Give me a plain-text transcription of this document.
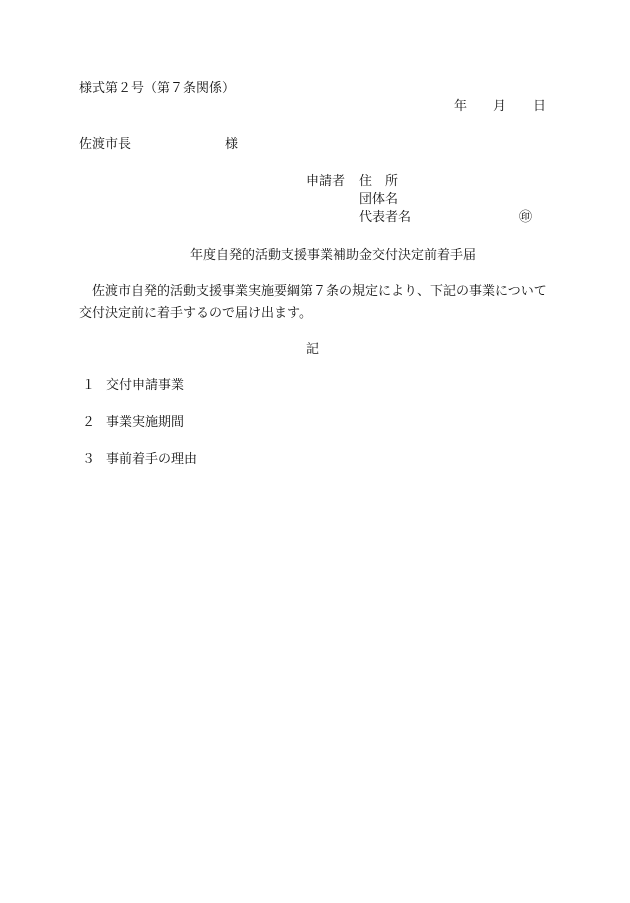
様式第２号（第７条関係）
年 月 日
佐渡市長	様
申請者 住　所
団体名
代表者名	㊞
年度自発的活動支援事業補助金交付決定前着手届
佐渡市自発的活動支援事業実施要綱第７条の規定により、下記の事業について交付決定前に着手するので届け出ます。
記
１ 交付申請事業
２ 事業実施期間
３ 事前着手の理由
